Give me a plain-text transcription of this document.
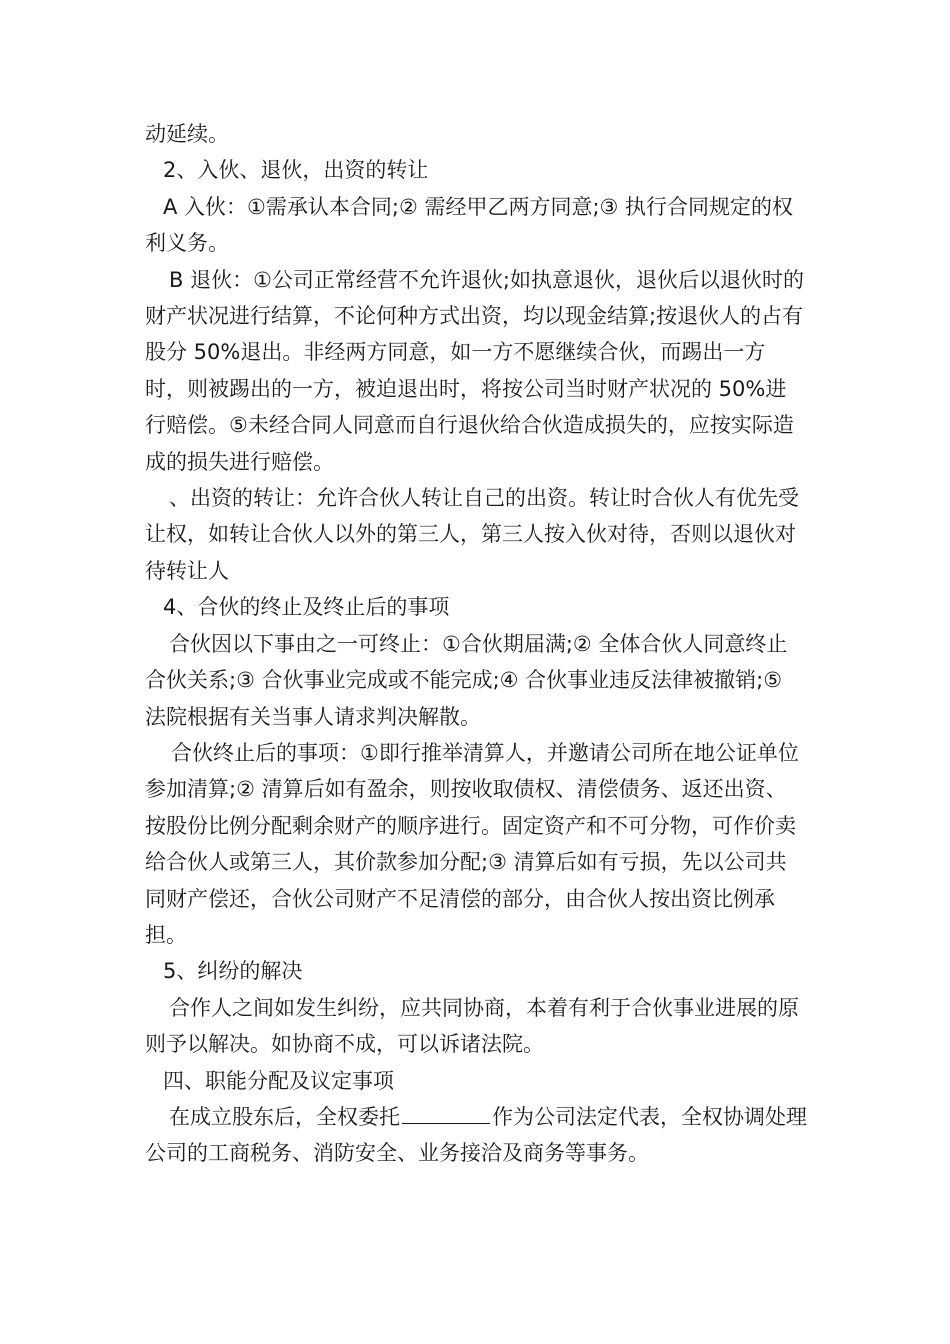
动延续。

2、入伙、退伙，出资的转让

A 入伙：①需承认本合同;② 需经甲乙两方同意;③ 执行合同规定的权利义务。

B 退伙：①公司正常经营不允许退伙;如执意退伙，退伙后以退伙时的财产状况进行结算，不论何种方式出资，均以现金结算;按退伙人的占有股分 50%退出。非经两方同意，如一方不愿继续合伙，而踢出一方时，则被踢出的一方，被迫退出时，将按公司当时财产状况的 50%进行赔偿。⑤未经合同人同意而自行退伙给合伙造成损失的，应按实际造成的损失进行赔偿。

、出资的转让：允许合伙人转让自己的出资。转让时合伙人有优先受让权，如转让合伙人以外的第三人，第三人按入伙对待，否则以退伙对待转让人

4、合伙的终止及终止后的事项

合伙因以下事由之一可终止：①合伙期届满;② 全体合伙人同意终止合伙关系;③ 合伙事业完成或不能完成;④ 合伙事业违反法律被撤销;⑤ 法院根据有关当事人请求判决解散。

合伙终止后的事项：①即行推举清算人，并邀请公司所在地公证单位参加清算;② 清算后如有盈余，则按收取债权、清偿债务、返还出资、按股份比例分配剩余财产的顺序进行。固定资产和不可分物，可作价卖给合伙人或第三人，其价款参加分配;③ 清算后如有亏损，先以公司共同财产偿还，合伙公司财产不足清偿的部分，由合伙人按出资比例承担。

5、纠纷的解决

合作人之间如发生纠纷，应共同协商，本着有利于合伙事业进展的原则予以解决。如协商不成，可以诉诸法院。

四、职能分配及议定事项

在成立股东后，全权委托	作为公司法定代表，全权协调处理公司的工商税务、消防安全、业务接洽及商务等事务。
